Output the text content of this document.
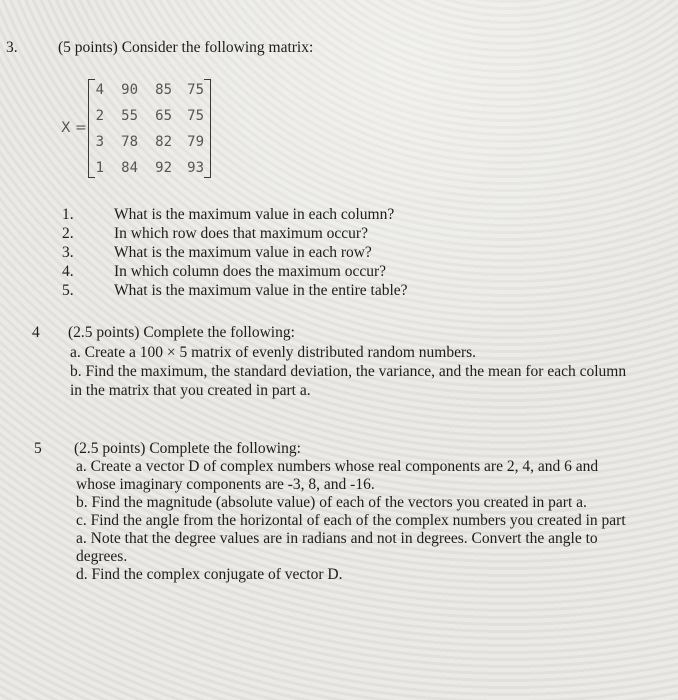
3.	(5 points) Consider the following matrix:
X =
4 90 85 75
2 55 65 75
3 78 82 79
1 84 92 93
1.	What is the maximum value in each column?
2.	In which row does that maximum occur?
3.	What is the maximum value in each row?
4.	In which column does the maximum occur?
5.	What is the maximum value in the entire table?
4 (2.5 points) Complete the following:
a. Create a 100 × 5 matrix of evenly distributed random numbers.
b. Find the maximum, the standard deviation, the variance, and the mean for each column
in the matrix that you created in part a.
5 (2.5 points) Complete the following:
a. Create a vector D of complex numbers whose real components are 2, 4, and 6 and
whose imaginary components are -3, 8, and -16.
b. Find the magnitude (absolute value) of each of the vectors you created in part a.
c. Find the angle from the horizontal of each of the complex numbers you created in part
a. Note that the degree values are in radians and not in degrees. Convert the angle to
degrees.
d. Find the complex conjugate of vector D.
